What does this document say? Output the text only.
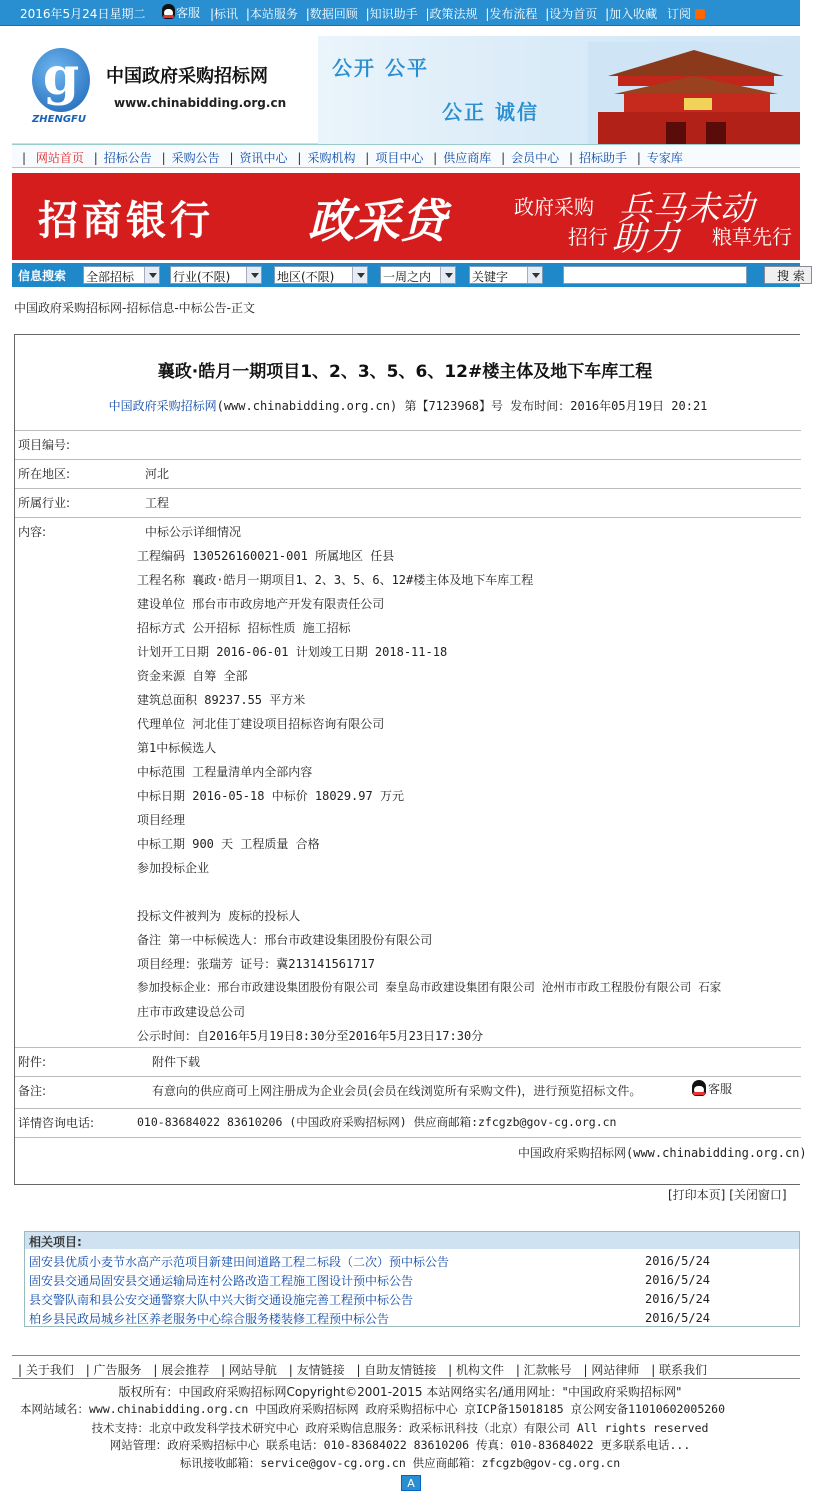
2016年5月24日星期二	客服 |标讯 |本站服务 |数据回顾 |知识助手 |政策法规 |发布流程 |设为首页 |加入收藏 订阅
g
ZHENGFU
中国政府采购招标网
www.chinabidding.org.cn
公开 公平
公正 诚信
| 网站首页 | 招标公告 | 采购公告 | 资讯中心 | 采购机构 | 项目中心 | 供应商库 | 会员中心 | 招标助手 | 专家库
招商银行 政采贷	政府采购 兵马未动
招行 助力 粮草先行
信息搜索 全部招标	行业(不限)	地区(不限)	一周之内	关键字	搜 索
中国政府采购招标网-招标信息-中标公告-正文
襄政·皓月一期项目1、2、3、5、6、12#楼主体及地下车库工程
中国政府采购招标网(www.chinabidding.org.cn) 第【7123968】号 发布时间：2016年05月19日 20:21
项目编号:
所在地区:	河北
所属行业:	工程
内容:	中标公示详细情况
工程编码 130526160021-001 所属地区 任县
工程名称 襄政·皓月一期项目1、2、3、5、6、12#楼主体及地下车库工程
建设单位 邢台市市政房地产开发有限责任公司
招标方式 公开招标 招标性质 施工招标
计划开工日期 2016-06-01 计划竣工日期 2018-11-18
资金来源 自筹 全部
建筑总面积 89237.55 平方米
代理单位 河北佳丁建设项目招标咨询有限公司
第1中标候选人
中标范围 工程量清单内全部内容
中标日期 2016-05-18 中标价 18029.97 万元
项目经理
中标工期 900 天 工程质量 合格
参加投标企业
投标文件被判为 废标的投标人
备注 第一中标候选人：邢台市政建设集团股份有限公司
项目经理：张瑞芳 证号：冀213141561717
参加投标企业：邢台市政建设集团股份有限公司 秦皇岛市政建设集团有限公司 沧州市市政工程股份有限公司 石家
庄市市政建设总公司
公示时间：自2016年5月19日8:30分至2016年5月23日17:30分
附件:	附件下载
备注:	有意向的供应商可上网注册成为企业会员(会员在线浏览所有采购文件)，进行预览招标文件。	客服
详情咨询电话:	010-83684022 83610206 (中国政府采购招标网) 供应商邮箱:zfcgzb@gov-cg.org.cn
中国政府采购招标网(www.chinabidding.org.cn)
[打印本页] [关闭窗口]
相关项目:
固安县优质小麦节水高产示范项目新建田间道路工程二标段（二次）预中标公告	2016/5/24
固安县交通局固安县交通运输局连村公路改造工程施工图设计预中标公告	2016/5/24
县交警队南和县公安交通警察大队中兴大街交通设施完善工程预中标公告	2016/5/24
柏乡县民政局城乡社区养老服务中心综合服务楼装修工程预中标公告	2016/5/24
| 关于我们 | 广告服务 | 展会推荐 | 网站导航 | 友情链接 | 自助友情链接 | 机构文件 | 汇款帐号 | 网站律师 | 联系我们
版权所有：中国政府采购招标网Copyright©2001-2015 本站网络实名/通用网址："中国政府采购招标网"
本网站域名：www.chinabidding.org.cn 中国政府采购招标网 政府采购招标中心 京ICP备15018185 京公网安备11010602005260
技术支持：北京中政发科学技术研究中心 政府采购信息服务：政采标讯科技（北京）有限公司 All rights reserved
网站管理：政府采购招标中心 联系电话：010-83684022 83610206 传真：010-83684022 更多联系电话...
标讯接收邮箱：service@gov-cg.org.cn 供应商邮箱：zfcgzb@gov-cg.org.cn
A
